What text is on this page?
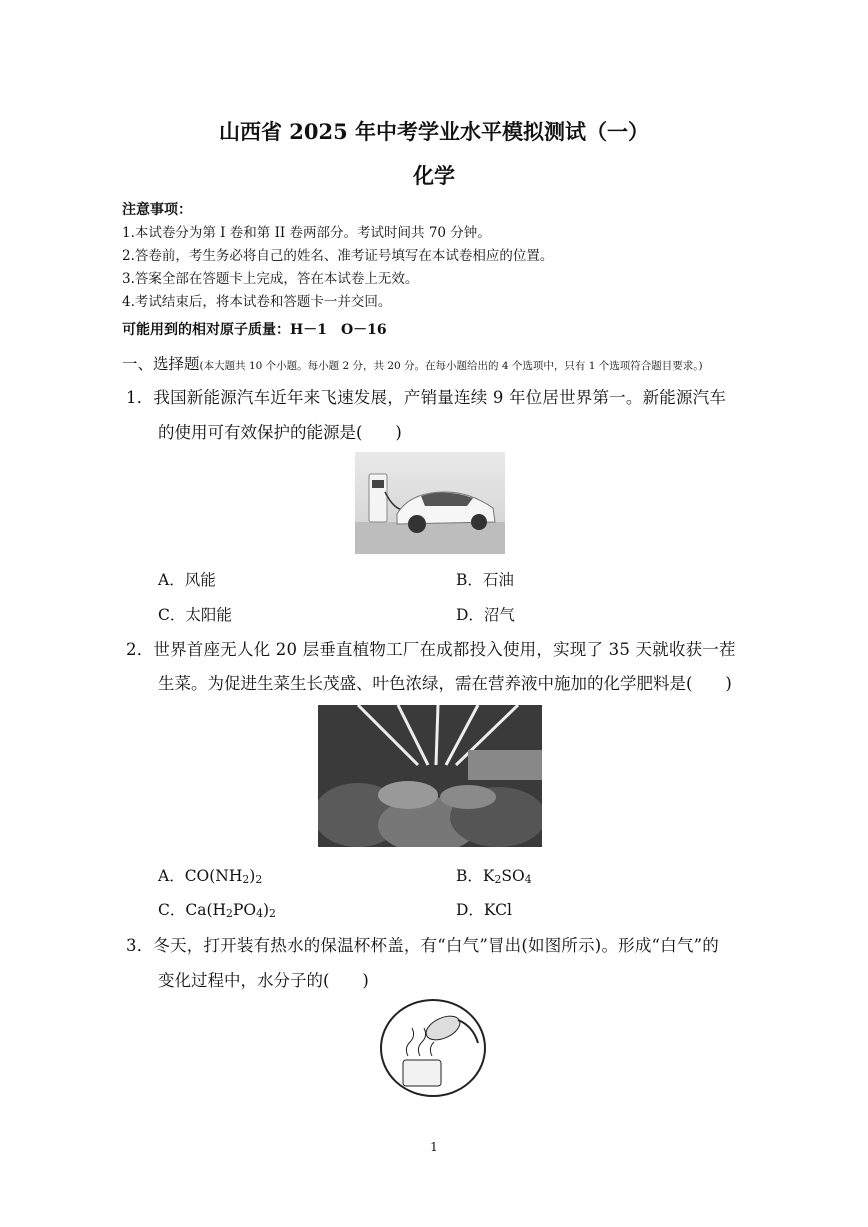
山西省 2025 年中考学业水平模拟测试（一）
化学
注意事项：
1.本试卷分为第 I 卷和第 II 卷两部分。考试时间共 70 分钟。
2.答卷前，考生务必将自己的姓名、准考证号填写在本试卷相应的位置。
3.答案全部在答题卡上完成，答在本试卷上无效。
4.考试结束后，将本试卷和答题卡一并交回。
可能用到的相对原子质量：H－1　O－16
一、选择题(本大题共 10 个小题。每小题 2 分，共 20 分。在每小题给出的 4 个选项中，只有 1 个选项符合题目要求。)
1．我国新能源汽车近年来飞速发展，产销量连续 9 年位居世界第一。新能源汽车
的使用可有效保护的能源是(　　)
A．风能	B．石油
C．太阳能	D．沼气
2．世界首座无人化 20 层垂直植物工厂在成都投入使用，实现了 35 天就收获一茬
生菜。为促进生菜生长茂盛、叶色浓绿，需在营养液中施加的化学肥料是(　　)
A．$CO(NH_2)_2$	B．$K_2SO_4$
C．$Ca(H_2PO_4)_2$	D．KCl
3．冬天，打开装有热水的保温杯杯盖，有“白气”冒出(如图所示)。形成“白气”的
变化过程中，水分子的(　　)
1
